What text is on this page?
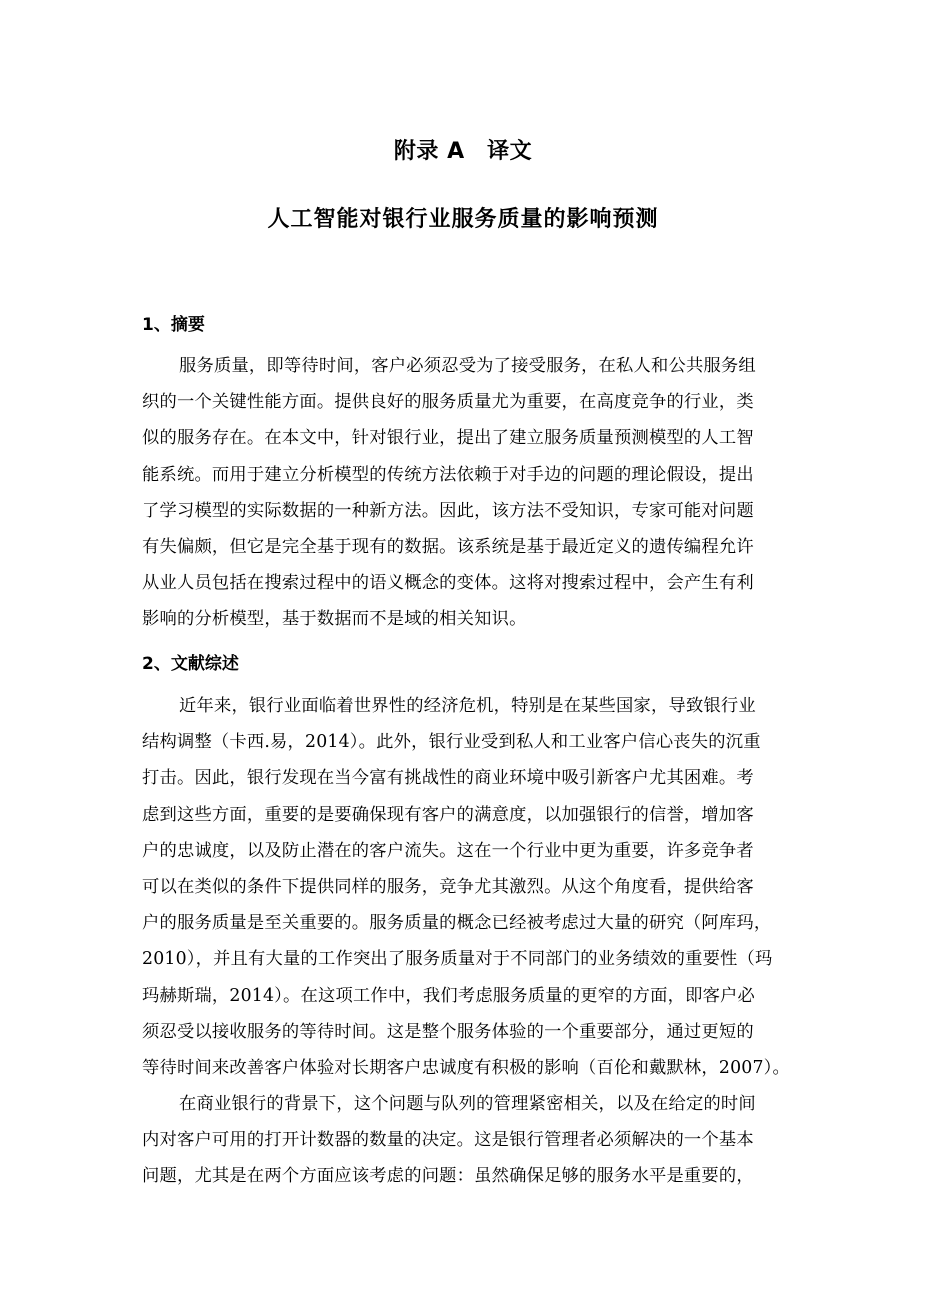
附录 A　译文
人工智能对银行业服务质量的影响预测
1、摘要
服务质量，即等待时间，客户必须忍受为了接受服务，在私人和公共服务组
织的一个关键性能方面。提供良好的服务质量尤为重要，在高度竞争的行业，类
似的服务存在。在本文中，针对银行业，提出了建立服务质量预测模型的人工智
能系统。而用于建立分析模型的传统方法依赖于对手边的问题的理论假设，提出
了学习模型的实际数据的一种新方法。因此，该方法不受知识，专家可能对问题
有失偏颇，但它是完全基于现有的数据。该系统是基于最近定义的遗传编程允许
从业人员包括在搜索过程中的语义概念的变体。这将对搜索过程中，会产生有利
影响的分析模型，基于数据而不是域的相关知识。
2、文献综述
近年来，银行业面临着世界性的经济危机，特别是在某些国家，导致银行业
结构调整（卡西.易，2014）。此外，银行业受到私人和工业客户信心丧失的沉重
打击。因此，银行发现在当今富有挑战性的商业环境中吸引新客户尤其困难。考
虑到这些方面，重要的是要确保现有客户的满意度，以加强银行的信誉，增加客
户的忠诚度，以及防止潜在的客户流失。这在一个行业中更为重要，许多竞争者
可以在类似的条件下提供同样的服务，竞争尤其激烈。从这个角度看，提供给客
户的服务质量是至关重要的。服务质量的概念已经被考虑过大量的研究（阿库玛，
2010），并且有大量的工作突出了服务质量对于不同部门的业务绩效的重要性（玛
玛赫斯瑞，2014）。在这项工作中，我们考虑服务质量的更窄的方面，即客户必
须忍受以接收服务的等待时间。这是整个服务体验的一个重要部分，通过更短的
等待时间来改善客户体验对长期客户忠诚度有积极的影响（百伦和戴默林，2007）。
在商业银行的背景下，这个问题与队列的管理紧密相关，以及在给定的时间
内对客户可用的打开计数器的数量的决定。这是银行管理者必须解决的一个基本
问题，尤其是在两个方面应该考虑的问题：虽然确保足够的服务水平是重要的，
